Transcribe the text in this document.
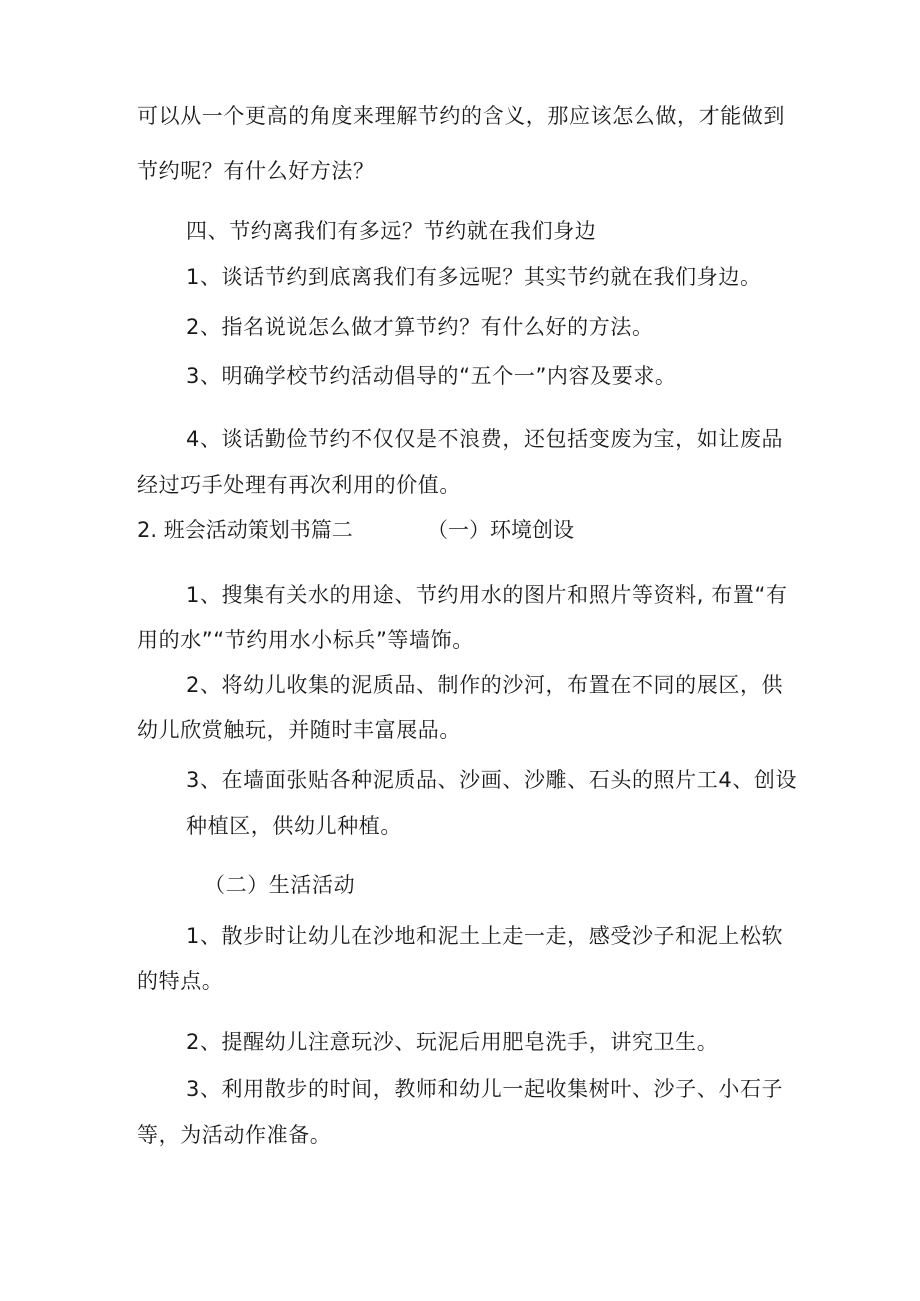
可以从一个更高的角度来理解节约的含义，那应该怎么做，才能做到
节约呢？有什么好方法？
四、节约离我们有多远？节约就在我们身边
1、谈话节约到底离我们有多远呢？其实节约就在我们身边。
2、指名说说怎么做才算节约？有什么好的方法。
3、明确学校节约活动倡导的“五个一”内容及要求。
4、谈话勤俭节约不仅仅是不浪费，还包括变废为宝，如让废品
经过巧手处理有再次利用的价值。
2. 班会活动策划书篇二	（一）环境创设
1、搜集有关水的用途、节约用水的图片和照片等资料, 布置“有
用的水”“节约用水小标兵”等墙饰。
2、将幼儿收集的泥质品、制作的沙河，布置在不同的展区，供
幼儿欣赏触玩，并随时丰富展品。
3、在墙面张贴各种泥质品、沙画、沙雕、石头的照片工4、创设
种植区，供幼儿种植。
（二）生活活动
1、散步时让幼儿在沙地和泥土上走一走，感受沙子和泥上松软
的特点。
2、提醒幼儿注意玩沙、玩泥后用肥皂洗手，讲究卫生。
3、利用散步的时间，教师和幼儿一起收集树叶、沙子、小石子
等，为活动作准备。
